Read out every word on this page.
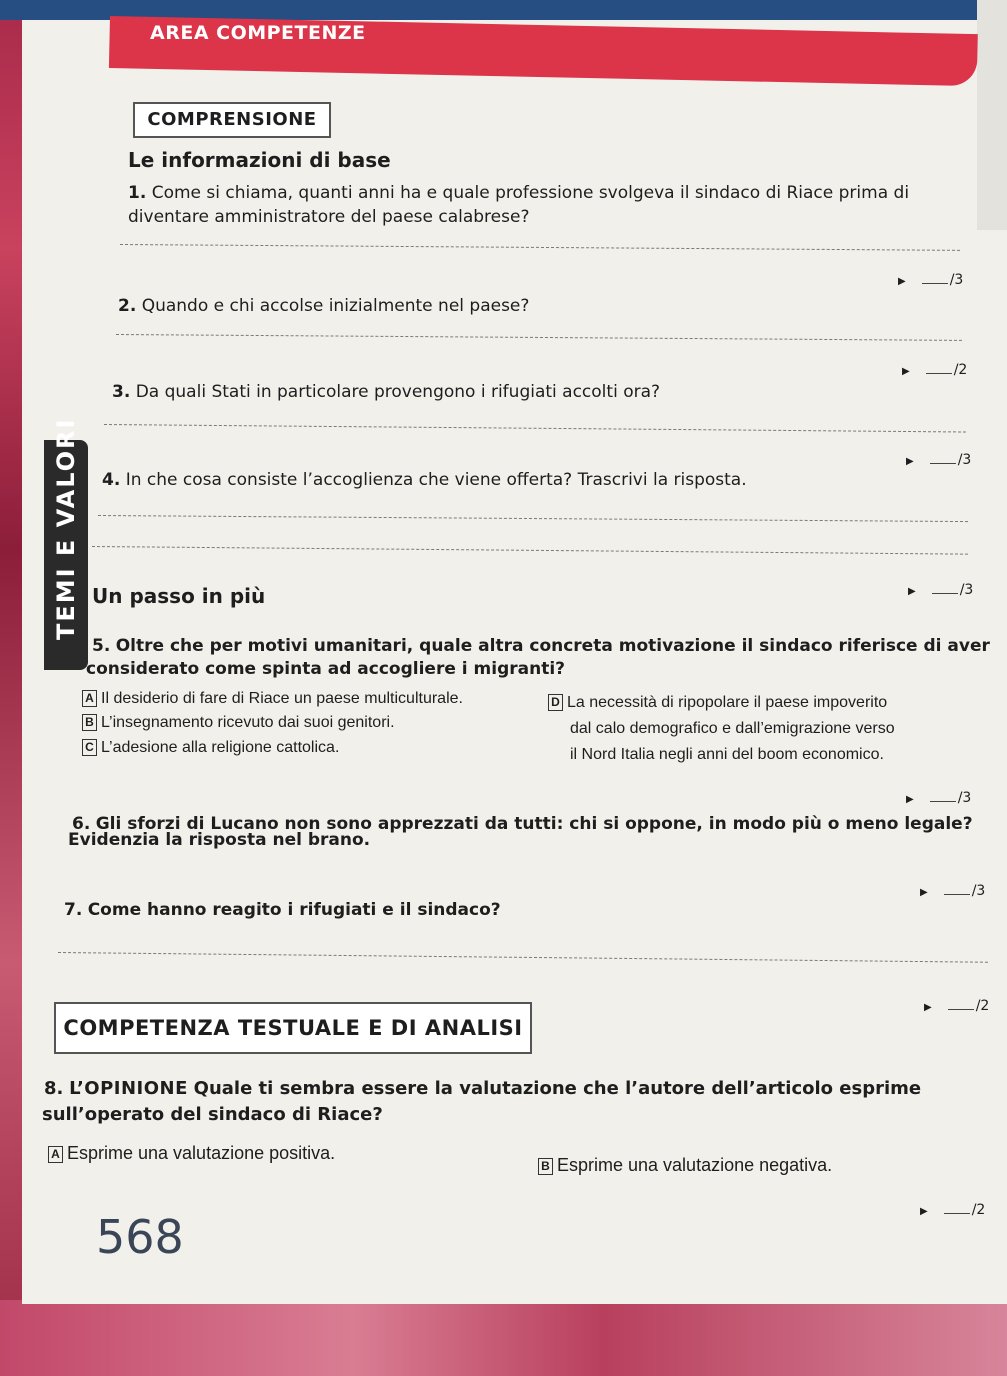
AREA COMPETENZE
COMPRENSIONE
Le informazioni di base
1. Come si chiama, quanti anni ha e quale professione svolgeva il sindaco di Riace prima di
diventare amministratore del paese calabrese?
▶	/3
2. Quando e chi accolse inizialmente nel paese?
▶	/2
3. Da quali Stati in particolare provengono i rifugiati accolti ora?
▶	/3
TEMI E VALORI 4. In che cosa consiste l’accoglienza che viene offerta? Trascrivi la risposta.
Un passo in più	▶	/3
5. Oltre che per motivi umanitari, quale altra concreta motivazione il sindaco riferisce di aver
considerato come spinta ad accogliere i migranti?
A Il desiderio di fare di Riace un paese multiculturale.
B L’insegnamento ricevuto dai suoi genitori.
C L’adesione alla religione cattolica.
D La necessità di ripopolare il paese impoverito
dal calo demografico e dall’emigrazione verso
il Nord Italia negli anni del boom economico.
▶	/3
6. Gli sforzi di Lucano non sono apprezzati da tutti: chi si oppone, in modo più o meno legale?
Evidenzia la risposta nel brano.
▶	/3
7. Come hanno reagito i rifugiati e il sindaco?
▶	/2
COMPETENZA TESTUALE E DI ANALISI
8. L’OPINIONE Quale ti sembra essere la valutazione che l’autore dell’articolo esprime
sull’operato del sindaco di Riace?
A Esprime una valutazione positiva.
B Esprime una valutazione negativa.
▶	/2
568
